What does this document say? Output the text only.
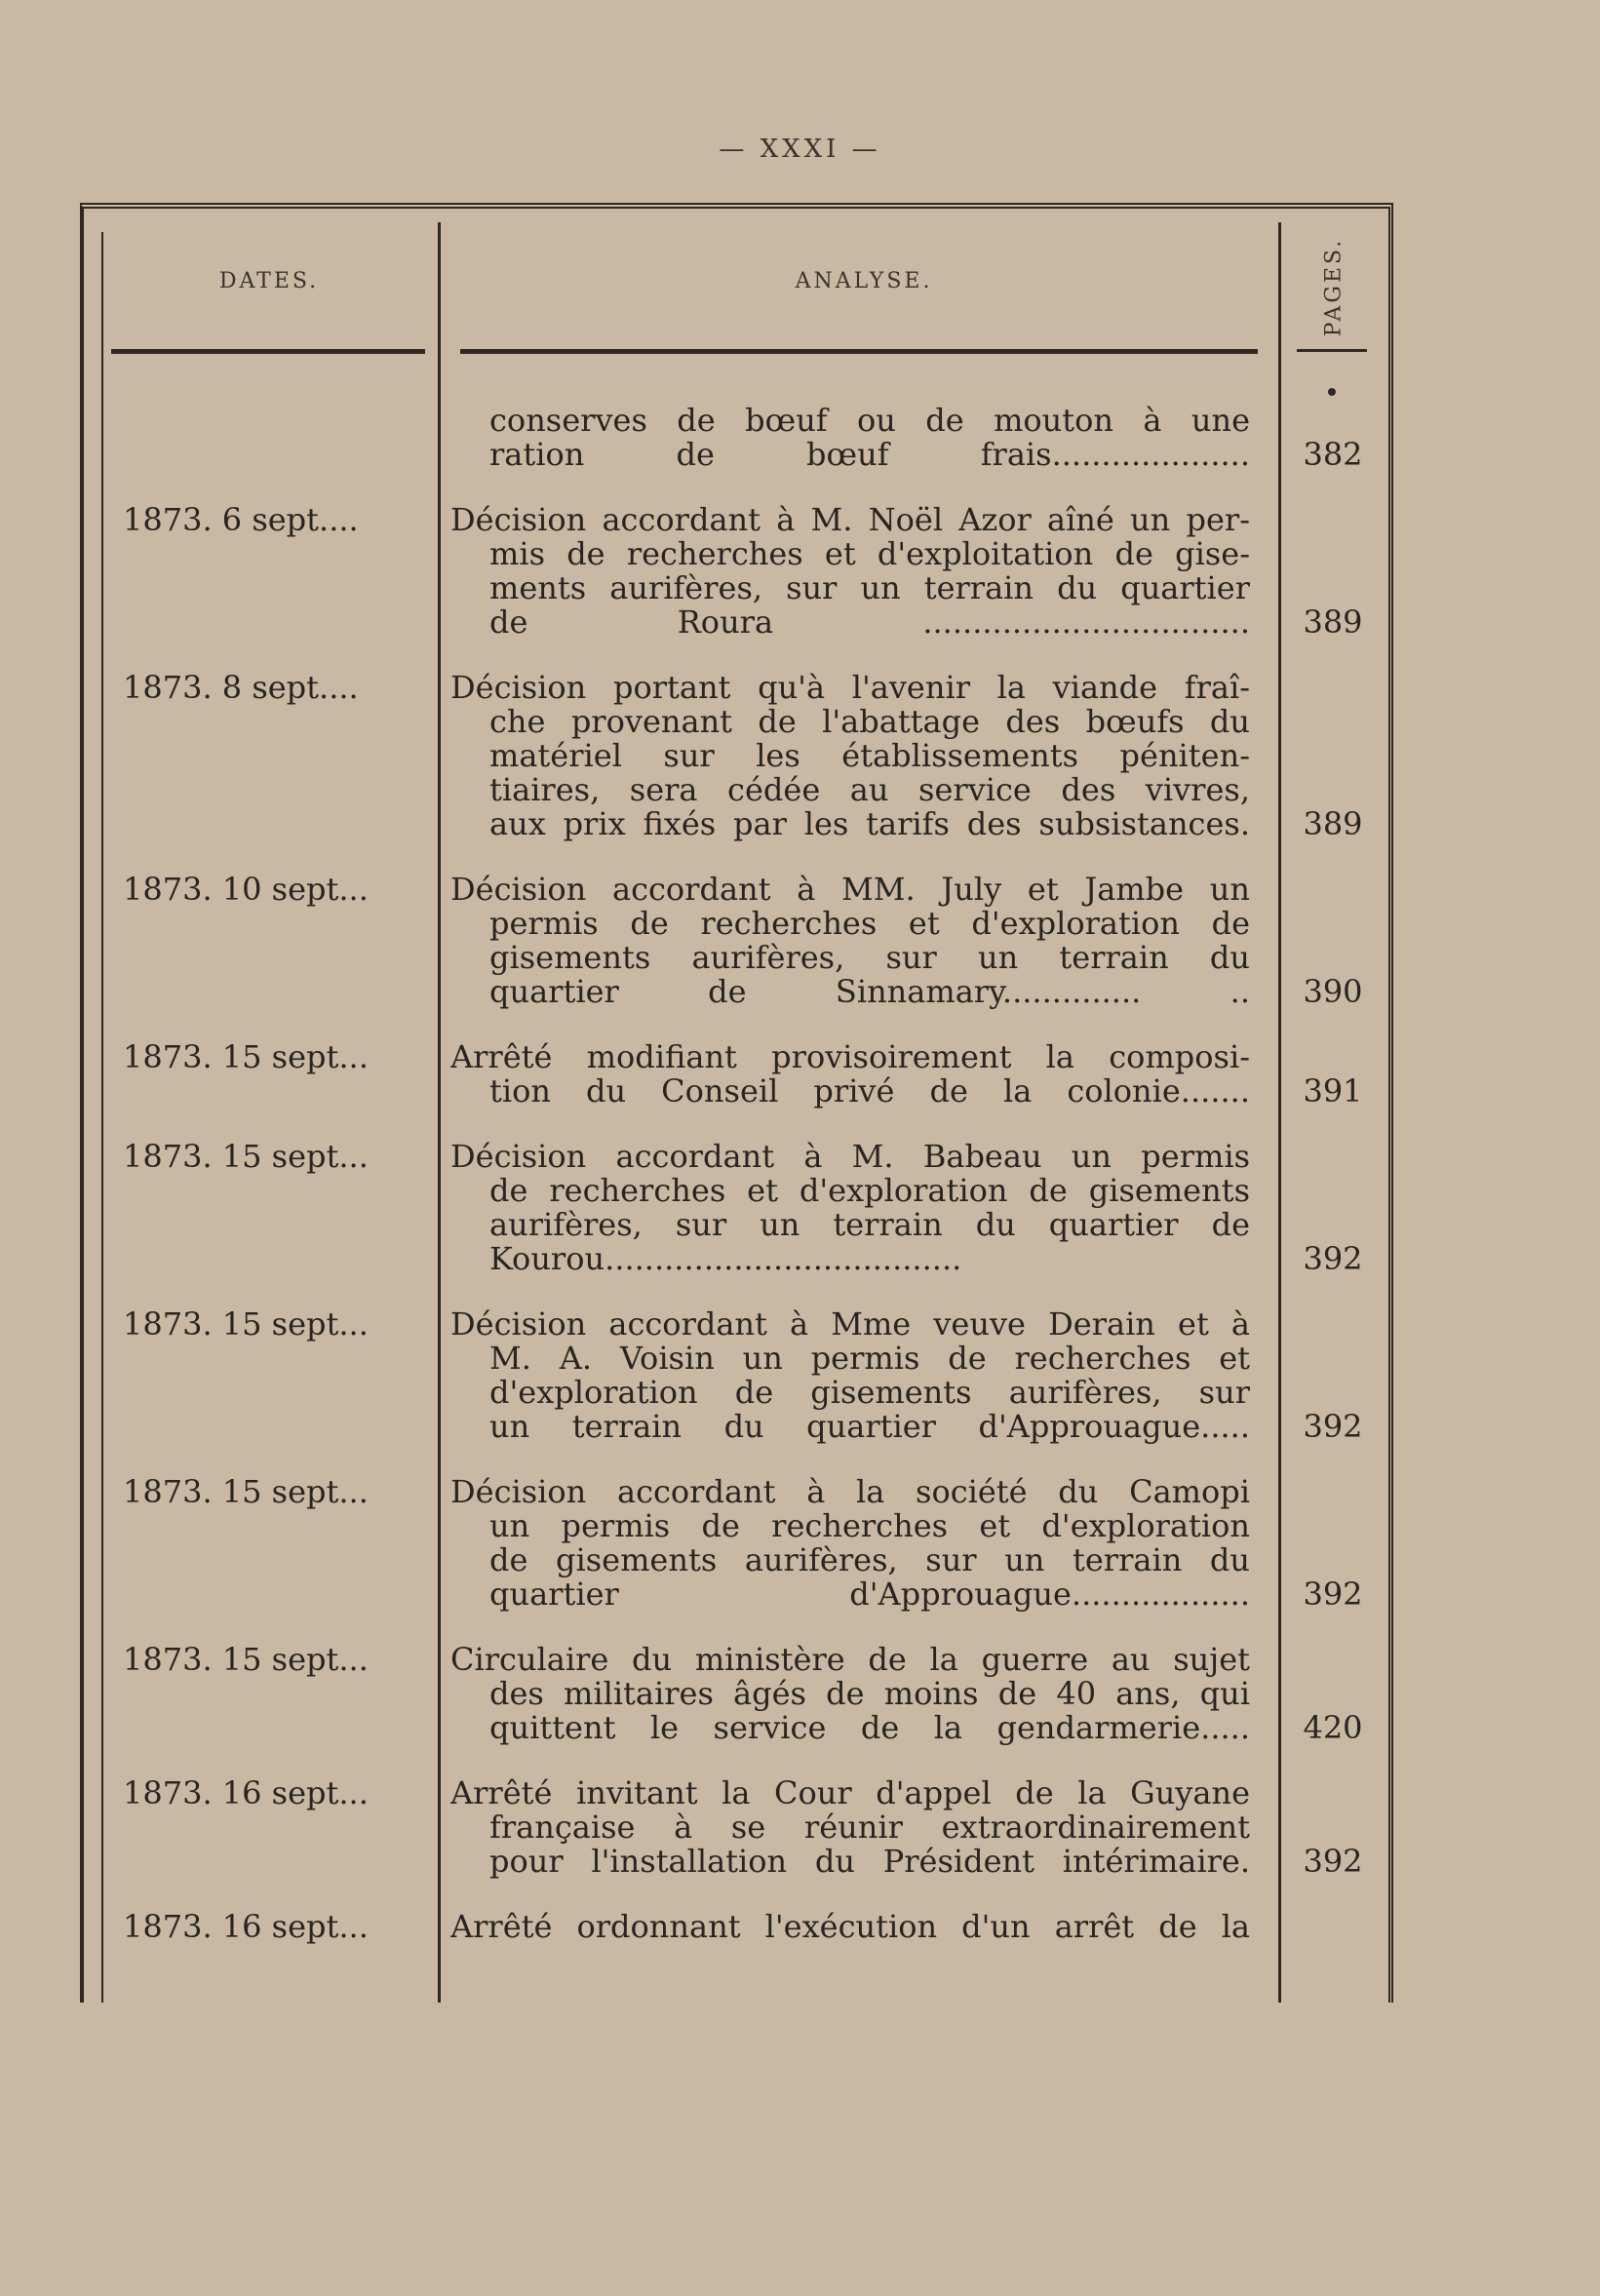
— XXXI —
DATES.	ANALYSE.	PAGES.
conserves de bœuf ou de mouton à une
ration de bœuf frais....................	382
1873. 6 sept....	Décision accordant à M. Noël Azor aîné un per-
mis de recherches et d'exploitation de gise-
ments aurifères, sur un terrain du quartier
de Roura .................................	389
1873. 8 sept....	Décision portant qu'à l'avenir la viande fraî-
che provenant de l'abattage des bœufs du
matériel sur les établissements péniten-
tiaires, sera cédée au service des vivres,
aux prix fixés par les tarifs des subsistances.	389
1873. 10 sept...	Décision accordant à MM. July et Jambe un
permis de recherches et d'exploration de
gisements aurifères, sur un terrain du
quartier de Sinnamary.............. ..	390
1873. 15 sept...	Arrêté modifiant provisoirement la composi-
tion du Conseil privé de la colonie.......	391
1873. 15 sept...	Décision accordant à M. Babeau un permis
de recherches et d'exploration de gisements
aurifères, sur un terrain du quartier de
Kourou....................................	392
1873. 15 sept...	Décision accordant à Mme veuve Derain et à
M. A. Voisin un permis de recherches et
d'exploration de gisements aurifères, sur
un terrain du quartier d'Approuague.....	392
1873. 15 sept...	Décision accordant à la société du Camopi
un permis de recherches et d'exploration
de gisements aurifères, sur un terrain du
quartier d'Approuague..................	392
1873. 15 sept...	Circulaire du ministère de la guerre au sujet
des militaires âgés de moins de 40 ans, qui
quittent le service de la gendarmerie.....	420
1873. 16 sept...	Arrêté invitant la Cour d'appel de la Guyane
française à se réunir extraordinairement
pour l'installation du Président intérimaire.	392
1873. 16 sept...	Arrêté ordonnant l'exécution d'un arrêt de la
